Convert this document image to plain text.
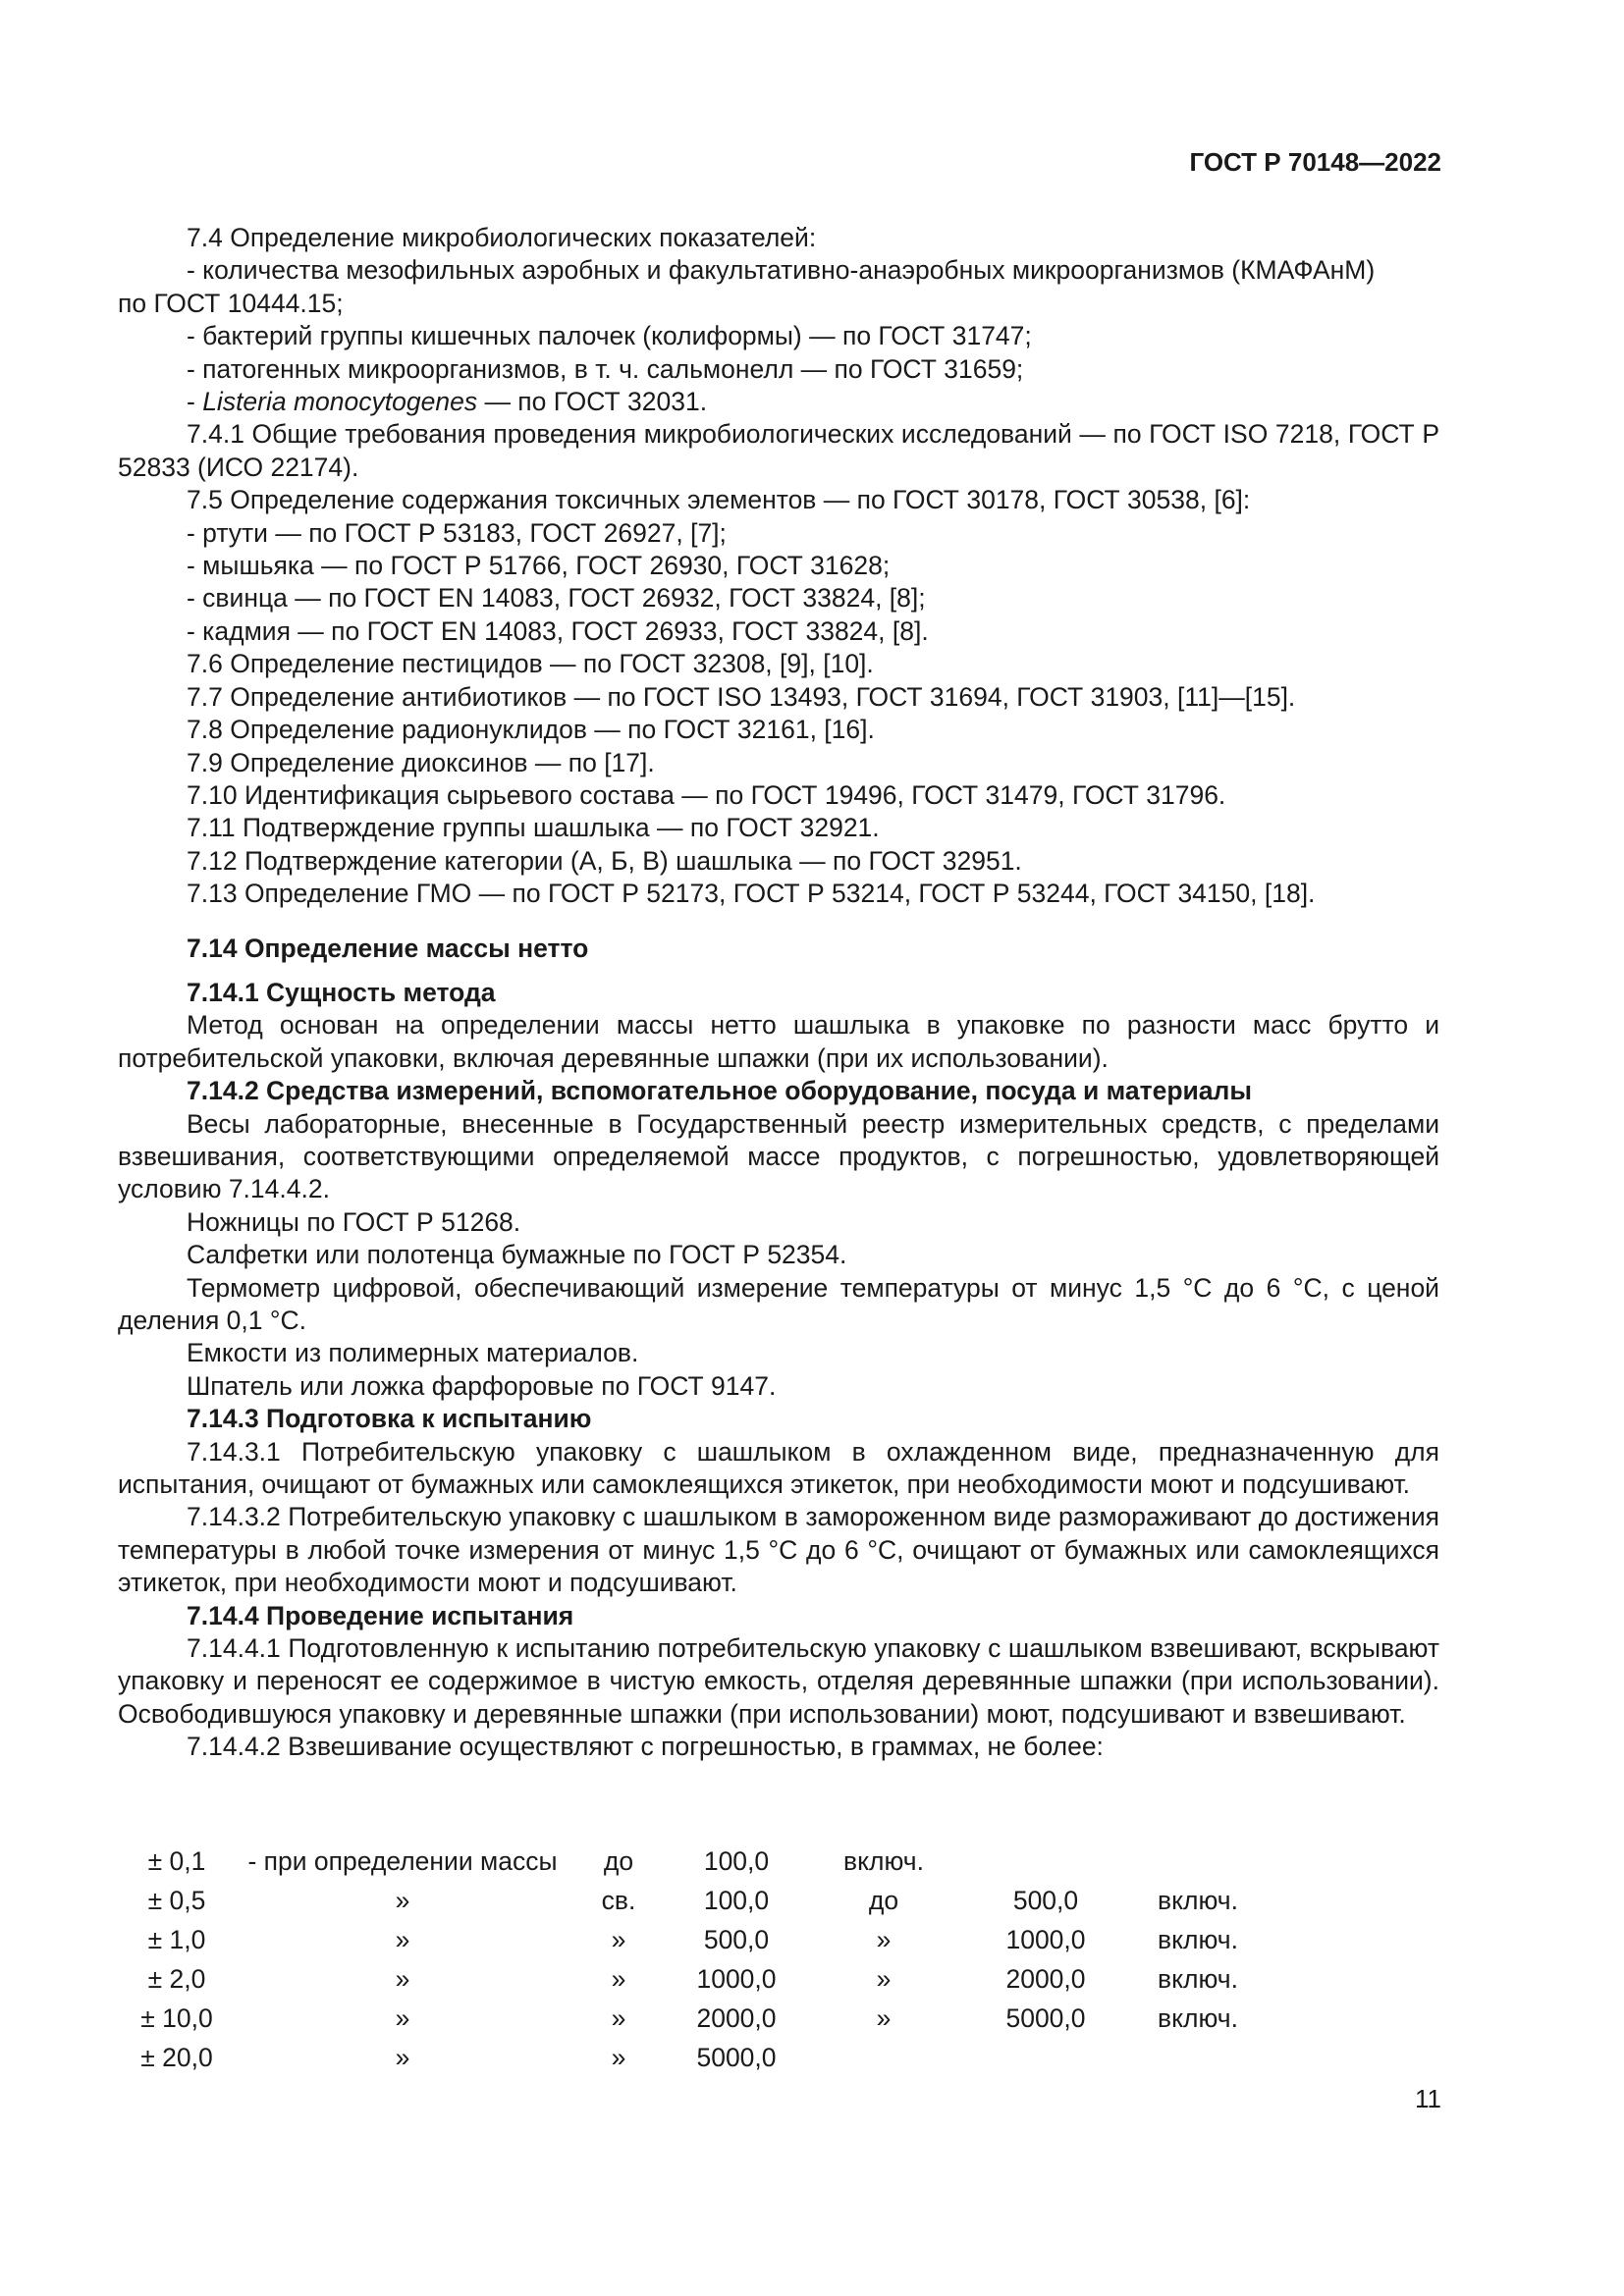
ГОСТ Р 70148—2022

7.4 Определение микробиологических показателей:

- количества мезофильных аэробных и факультативно-анаэробных микроорганизмов (КМАФАнМ)

по ГОСТ 10444.15;

- бактерий группы кишечных палочек (колиформы) — по ГОСТ 31747;

- патогенных микроорганизмов, в т. ч. сальмонелл — по ГОСТ 31659;

- Listeria monocytogenes — по ГОСТ 32031.

7.4.1 Общие требования проведения микробиологических исследований — по ГОСТ ISO 7218, ГОСТ Р 52833 (ИСО 22174).

7.5 Определение содержания токсичных элементов — по ГОСТ 30178, ГОСТ 30538, [6]:

- ртути — по ГОСТ Р 53183, ГОСТ 26927, [7];

- мышьяка — по ГОСТ Р 51766, ГОСТ 26930, ГОСТ 31628;

- свинца — по ГОСТ EN 14083, ГОСТ 26932, ГОСТ 33824, [8];

- кадмия — по ГОСТ EN 14083, ГОСТ 26933, ГОСТ 33824, [8].

7.6 Определение пестицидов — по ГОСТ 32308, [9], [10].

7.7 Определение антибиотиков — по ГОСТ ISO 13493, ГОСТ 31694, ГОСТ 31903, [11]—[15].

7.8 Определение радионуклидов — по ГОСТ 32161, [16].

7.9 Определение диоксинов — по [17].

7.10 Идентификация сырьевого состава — по ГОСТ 19496, ГОСТ 31479, ГОСТ 31796.

7.11 Подтверждение группы шашлыка — по ГОСТ 32921.

7.12 Подтверждение категории (А, Б, В) шашлыка — по ГОСТ 32951.

7.13 Определение ГМО — по ГОСТ Р 52173, ГОСТ Р 53214, ГОСТ Р 53244, ГОСТ 34150, [18].

7.14 Определение массы нетто

7.14.1 Сущность метода

Метод основан на определении массы нетто шашлыка в упаковке по разности масс брутто и потребительской упаковки, включая деревянные шпажки (при их использовании).

7.14.2 Средства измерений, вспомогательное оборудование, посуда и материалы

Весы лабораторные, внесенные в Государственный реестр измерительных средств, с пределами взвешивания, соответствующими определяемой массе продуктов, с погрешностью, удовлетворяющей условию 7.14.4.2.

Ножницы по ГОСТ Р 51268.

Салфетки или полотенца бумажные по ГОСТ Р 52354.

Термометр цифровой, обеспечивающий измерение температуры от минус 1,5 °С до 6 °С, с ценой деления 0,1 °С.

Емкости из полимерных материалов.

Шпатель или ложка фарфоровые по ГОСТ 9147.

7.14.3 Подготовка к испытанию

7.14.3.1 Потребительскую упаковку с шашлыком в охлажденном виде, предназначенную для испытания, очищают от бумажных или самоклеящихся этикеток, при необходимости моют и подсушивают.

7.14.3.2 Потребительскую упаковку с шашлыком в замороженном виде размораживают до достижения температуры в любой точке измерения от минус 1,5 °С до 6 °С, очищают от бумажных или самоклеящихся этикеток, при необходимости моют и подсушивают.

7.14.4 Проведение испытания

7.14.4.1 Подготовленную к испытанию потребительскую упаковку с шашлыком взвешивают, вскрывают упаковку и переносят ее содержимое в чистую емкость, отделяя деревянные шпажки (при использовании). Освободившуюся упаковку и деревянные шпажки (при использовании) моют, подсушивают и взвешивают.

7.14.4.2 Взвешивание осуществляют с погрешностью, в граммах, не более:

± 0,1	- при определении массы	до	100,0	включ.		
± 0,5	»	св.	100,0	до	500,0	включ.
± 1,0	»	»	500,0	»	1000,0	включ.
± 2,0	»	»	1000,0	»	2000,0	включ.
± 10,0	»	»	2000,0	»	5000,0	включ.
± 20,0	»	»	5000,0			
11
